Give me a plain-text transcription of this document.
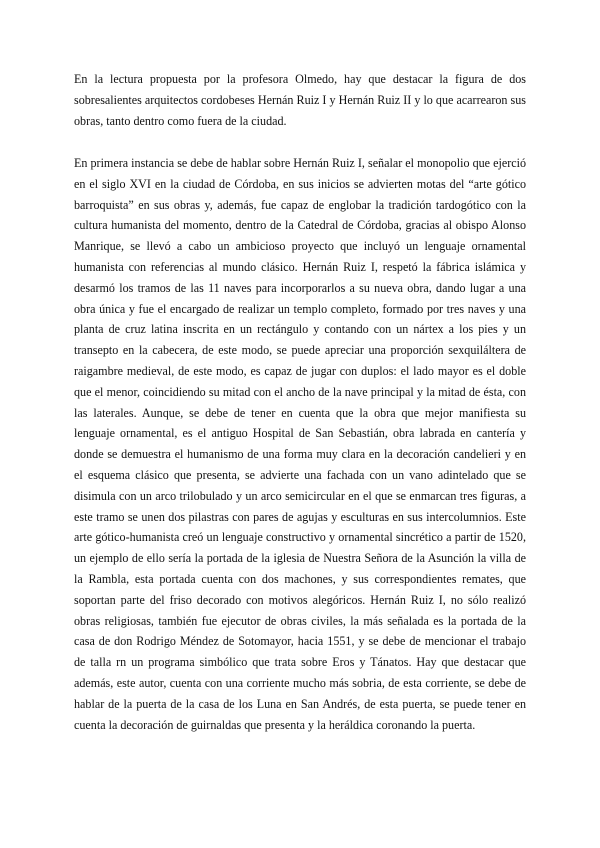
En la lectura propuesta por la profesora Olmedo, hay que destacar la figura de dos sobresalientes arquitectos cordobeses Hernán Ruiz I y Hernán Ruiz II y lo que acarrearon sus obras, tanto dentro como fuera de la ciudad.

En primera instancia se debe de hablar sobre Hernán Ruiz I, señalar el monopolio que ejerció en el siglo XVI en la ciudad de Córdoba, en sus inicios se advierten motas del “arte gótico barroquista” en sus obras y, además, fue capaz de englobar la tradición tardogótico con la cultura humanista del momento, dentro de la Catedral de Córdoba, gracias al obispo Alonso Manrique, se llevó a cabo un ambicioso proyecto que incluyó un lenguaje ornamental humanista con referencias al mundo clásico. Hernán Ruiz I, respetó la fábrica islámica y desarmó los tramos de las 11 naves para incorporarlos a su nueva obra, dando lugar a una obra única y fue el encargado de realizar un templo completo, formado por tres naves y una planta de cruz latina inscrita en un rectángulo y contando con un nártex a los pies y un transepto en la cabecera, de este modo, se puede apreciar una proporción sexquiláltera de raigambre medieval, de este modo, es capaz de jugar con duplos: el lado mayor es el doble que el menor, coincidiendo su mitad con el ancho de la nave principal y la mitad de ésta, con las laterales. Aunque, se debe de tener en cuenta que la obra que mejor manifiesta su lenguaje ornamental, es el antiguo Hospital de San Sebastián, obra labrada en cantería y donde se demuestra el humanismo de una forma muy clara en la decoración candelieri y en el esquema clásico que presenta, se advierte una fachada con un vano adintelado que se disimula con un arco trilobulado y un arco semicircular en el que se enmarcan tres figuras, a este tramo se unen dos pilastras con pares de agujas y esculturas en sus intercolumnios. Este arte gótico-humanista creó un lenguaje constructivo y ornamental sincrético a partir de 1520, un ejemplo de ello sería la portada de la iglesia de Nuestra Señora de la Asunción la villa de la Rambla, esta portada cuenta con dos machones, y sus correspondientes remates, que soportan parte del friso decorado con motivos alegóricos. Hernán Ruiz I, no sólo realizó obras religiosas, también fue ejecutor de obras civiles, la más señalada es la portada de la casa de don Rodrigo Méndez de Sotomayor, hacia 1551, y se debe de mencionar el trabajo de talla rn un programa simbólico que trata sobre Eros y Tánatos. Hay que destacar que además, este autor, cuenta con una corriente mucho más sobria, de esta corriente, se debe de hablar de la puerta de la casa de los Luna en San Andrés, de esta puerta, se puede tener en cuenta la decoración de guirnaldas que presenta y la heráldica coronando la puerta.
